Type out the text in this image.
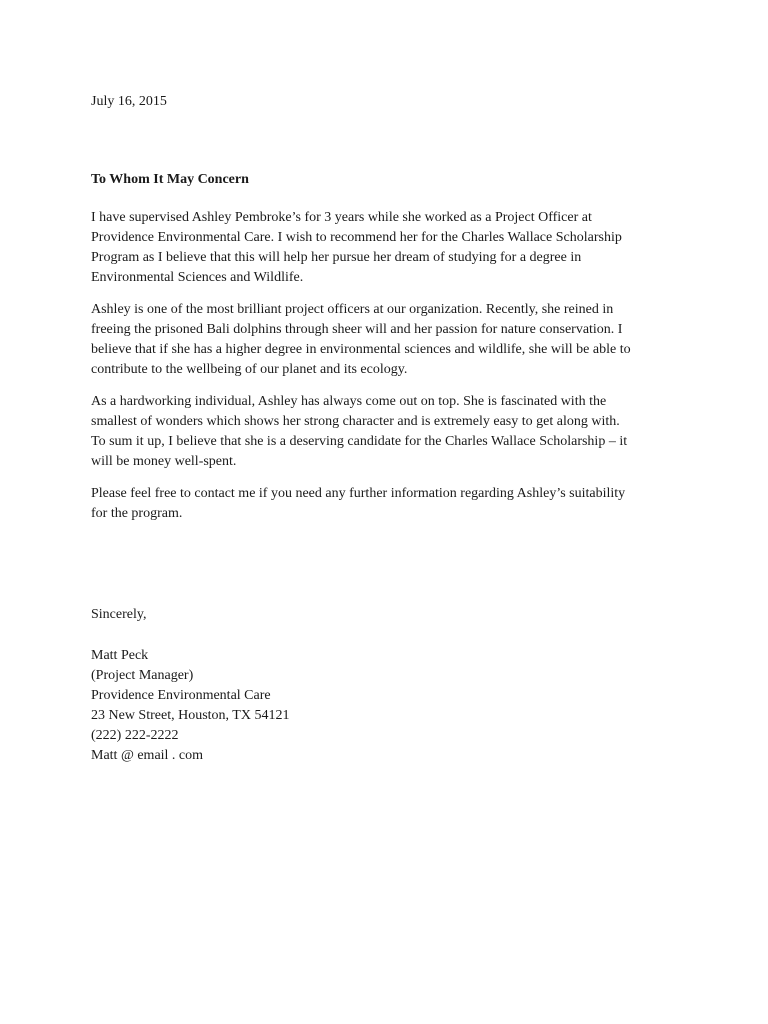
July 16, 2015
To Whom It May Concern

I have supervised Ashley Pembroke’s for 3 years while she worked as a Project Officer at
Providence Environmental Care. I wish to recommend her for the Charles Wallace Scholarship
Program as I believe that this will help her pursue her dream of studying for a degree in
Environmental Sciences and Wildlife.

Ashley is one of the most brilliant project officers at our organization. Recently, she reined in
freeing the prisoned Bali dolphins through sheer will and her passion for nature conservation. I
believe that if she has a higher degree in environmental sciences and wildlife, she will be able to
contribute to the wellbeing of our planet and its ecology.

As a hardworking individual, Ashley has always come out on top. She is fascinated with the
smallest of wonders which shows her strong character and is extremely easy to get along with.
To sum it up, I believe that she is a deserving candidate for the Charles Wallace Scholarship – it
will be money well-spent.

Please feel free to contact me if you need any further information regarding Ashley’s suitability
for the program.

Sincerely,
Matt Peck
(Project Manager)
Providence Environmental Care
23 New Street, Houston, TX 54121
(222) 222-2222
Matt @ email . com
